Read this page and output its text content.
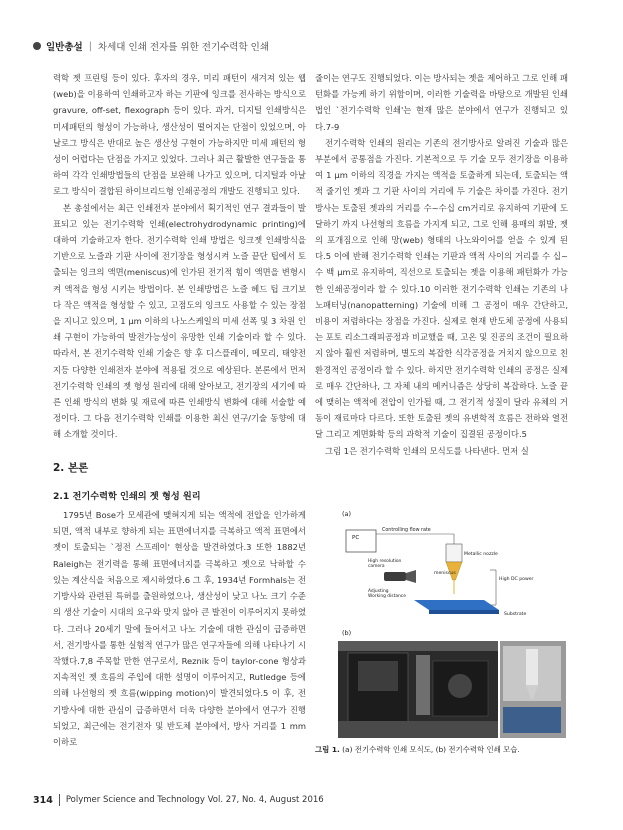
일반총설 | 차세대 인쇄 전자를 위한 전기수력학 인쇄

력학 젯 프린팅 등이 있다. 후자의 경우, 미리 패턴이 새겨져 있는 웹(web)을 이용하여 인쇄하고자 하는 기판에 잉크를 전사하는 방식으로 gravure, off-set, flexograph 등이 있다. 과거, 디지털 인쇄방식은 미세패턴의 형성이 가능하나, 생산성이 떨어지는 단점이 있었으며, 아날로그 방식은 반대로 높은 생산성 구현이 가능하지만 미세 패턴의 형성이 어렵다는 단점을 가지고 있었다. 그러나 최근 활발한 연구들을 통하여 각각 인쇄방법들의 단점을 보완해 나가고 있으며, 디지털과 아날로그 방식이 결합된 하이브리드형 인쇄공정의 개발도 진행되고 있다.

본 총설에서는 최근 인쇄전자 분야에서 획기적인 연구 결과들이 발표되고 있는 전기수력학 인쇄(electrohydrodynamic printing)에 대하여 기술하고자 한다. 전기수력학 인쇄 방법은 잉크젯 인쇄방식을 기반으로 노즐과 기판 사이에 전기장을 형성시켜 노즐 끝단 팁에서 토출되는 잉크의 액면(meniscus)에 인가된 전기적 힘이 액면을 변형시켜 액적을 형성 시키는 방법이다. 본 인쇄방법은 노즐 헤드 팁 크기보다 작은 액적을 형성할 수 있고, 고점도의 잉크도 사용할 수 있는 장점을 지니고 있으며, 1 μm 이하의 나노스케일의 미세 선폭 및 3 차원 인쇄 구현이 가능하여 발전가능성이 유망한 인쇄 기술이라 할 수 있다. 따라서, 본 전기수력학 인쇄 기술은 향 후 디스플레이, 메모리, 태양전지등 다양한 인쇄전자 분야에 적용될 것으로 예상된다. 본론에서 먼저 전기수력학 인쇄의 젯 형성 원리에 대해 알아보고, 전기장의 세기에 따른 인쇄 방식의 변화 및 재료에 따른 인쇄방식 변화에 대해 서술할 예정이다. 그 다음 전기수력학 인쇄를 이용한 최신 연구/기술 동향에 대해 소개할 것이다.

2. 본론
2.1 전기수력학 인쇄의 젯 형성 원리

1795년 Bose가 모세관에 맺혀지게 되는 액적에 전압을 인가하게 되면, 액적 내부로 향하게 되는 표면에너지를 극복하고 액적 표면에서 젯이 토출되는 `정전 스프레이' 현상을 발견하였다.3 또한 1882년 Raleigh는 전기력을 통해 표면에너지를 극복하고 젯으로 낙하할 수 있는 계산식을 처음으로 제시하였다.6 그 후, 1934년 Formhals는 전기방사와 관련된 특허를 출원하였으나, 생산성이 낮고 나노 크기 수준의 생산 기술이 시대의 요구와 맞지 않아 큰 발전이 이루어지지 못하였다. 그러나 20세기 말에 들어서고 나노 기술에 대한 관심이 급증하면서, 전기방사를 통한 실험적 연구가 많은 연구자들에 의해 나타나기 시작했다.7,8 주목할 만한 연구로서, Reznik 등이 taylor-cone 형상과 지속적인 젯 흐름의 주입에 대한 설명이 이루어지고, Rutledge 등에 의해 나선형의 젯 흐름(wipping motion)이 발견되었다.5 이 후, 전기방사에 대한 관심이 급증하면서 더욱 다양한 분야에서 연구가 진행되었고, 최근에는 전기전자 및 반도체 분야에서, 방사 거리를 1 mm 이하로

줄이는 연구도 진행되었다. 이는 방사되는 젯을 제어하고 그로 인해 패턴화를 가능케 하기 위함이며, 이러한 기술력을 바탕으로 개발된 인쇄법인 `전기수력학 인쇄'는 현재 많은 분야에서 연구가 진행되고 있다.7-9

전기수력학 인쇄의 원리는 기존의 전기방사로 알려진 기술과 많은 부분에서 공통점을 가진다. 기본적으로 두 기술 모두 전기장을 이용하여 1 μm 이하의 직경을 가지는 액적을 토출하게 되는데, 토출되는 액적 줄기인 젯과 그 기판 사이의 거리에 두 기술은 차이를 가진다. 전기방사는 토출된 젯과의 거리를 수~수십 cm거리로 유지하여 기판에 도달하기 까지 나선형의 흐름을 가지게 되고, 그로 인해 용매의 휘발, 젯의 포개짐으로 인해 망(web) 형태의 나노와이어를 얻을 수 있게 된다.5 이에 반해 전기수력학 인쇄는 기판과 액적 사이의 거리를 수 십~수 백 μm로 유지하여, 직선으로 토출되는 젯을 이용해 패턴화가 가능한 인쇄공정이라 할 수 있다.10 이러한 전기수력학 인쇄는 기존의 나노패터닝(nanopatterning) 기술에 비해 그 공정이 매우 간단하고, 비용이 저렴하다는 장점을 가진다. 실제로 현재 반도체 공정에 사용되는 포토 리소그래피공정과 비교했을 때, 고온 및 진공의 조건이 필요하지 않아 훨씬 저렴하며, 별도의 복잡한 식각공정을 거치지 않으므로 친환경적인 공정이라 할 수 있다. 하지만 전기수력학 인쇄의 공정은 실제로 매우 간단하나, 그 자체 내의 메커니즘은 상당히 복잡하다. 노즐 끝에 맺히는 액적에 전압이 인가될 때, 그 전기적 성질이 달라 유체의 거동이 재료마다 다르다. 또한 토출된 젯의 유변학적 흐름은 전하와 열전달 그리고 계면화학 등의 과학적 기술이 집결된 공정이다.5

그림 1은 전기수력학 인쇄의 모식도를 나타낸다. 먼저 실

(a)
PC
Controlling flow rate
Metallic nozzle
meniscus
High resolution
camera
Adjusting
Working distance
High DC power
Substrate
(b)
그림 1. (a) 전기수력학 인쇄 모식도, (b) 전기수력학 인쇄 모습.
314 Polymer Science and Technology Vol. 27, No. 4, August 2016
